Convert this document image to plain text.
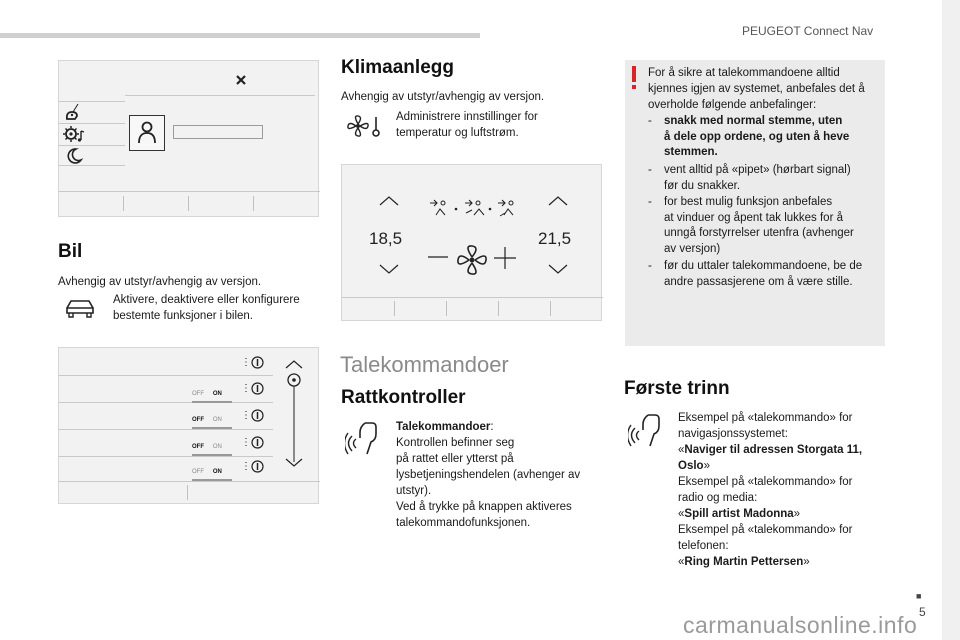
PEUGEOT Connect Nav
■
5
carmanualsonline.info
Bil
Avhengig av utstyr/avhengig av versjon.
Aktivere, deaktivere eller konfigurere
bestemte funksjoner i bilen.
⋮
⋮
⋮
⋮
⋮
OFF ON
OFF ON
OFF ON
OFF ON
Klimaanlegg
Avhengig av utstyr/avhengig av versjon.
Administrere innstillinger for
temperatur og luftstrøm.
18,5	21,5
Talekommandoer
Rattkontroller
Talekommandoer:
Kontrollen befinner seg
på rattet eller ytterst på
lysbetjeningshendelen (avhenger av
utstyr).
Ved å trykke på knappen aktiveres
talekommandofunksjonen.
For å sikre at talekommandoene alltid
kjennes igjen av systemet, anbefales det å
overholde følgende anbefalinger:
-	snakk med normal stemme, uten
å dele opp ordene, og uten å heve
stemmen.
-	vent alltid på «pipet» (hørbart signal)
før du snakker.
-	for best mulig funksjon anbefales
at vinduer og åpent tak lukkes for å
unngå forstyrrelser utenfra (avhenger
av versjon)
-	før du uttaler talekommandoene, be de
andre passasjerene om å være stille.
Første trinn
Eksempel på «talekommando» for
navigasjonssystemet:
«Naviger til adressen Storgata 11,
Oslo»
Eksempel på «talekommando» for
radio og media:
«Spill artist Madonna»
Eksempel på «talekommando» for
telefonen:
«Ring Martin Pettersen»
